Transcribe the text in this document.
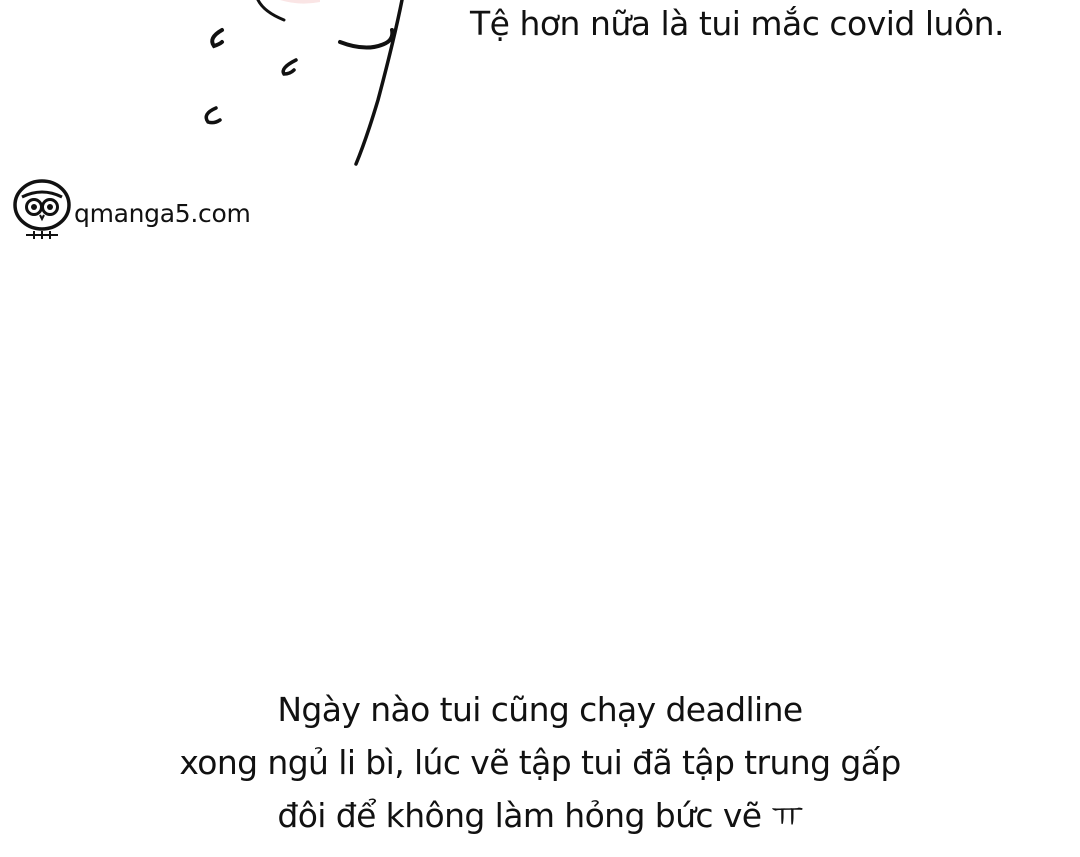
Tệ hơn nữa là tui mắc covid luôn.
qmanga5.com
Ngày nào tui cũng chạy deadline
xong ngủ li bì, lúc vẽ tập tui đã tập trung gấp
đôi để không làm hỏng bức vẽ ㅠ
